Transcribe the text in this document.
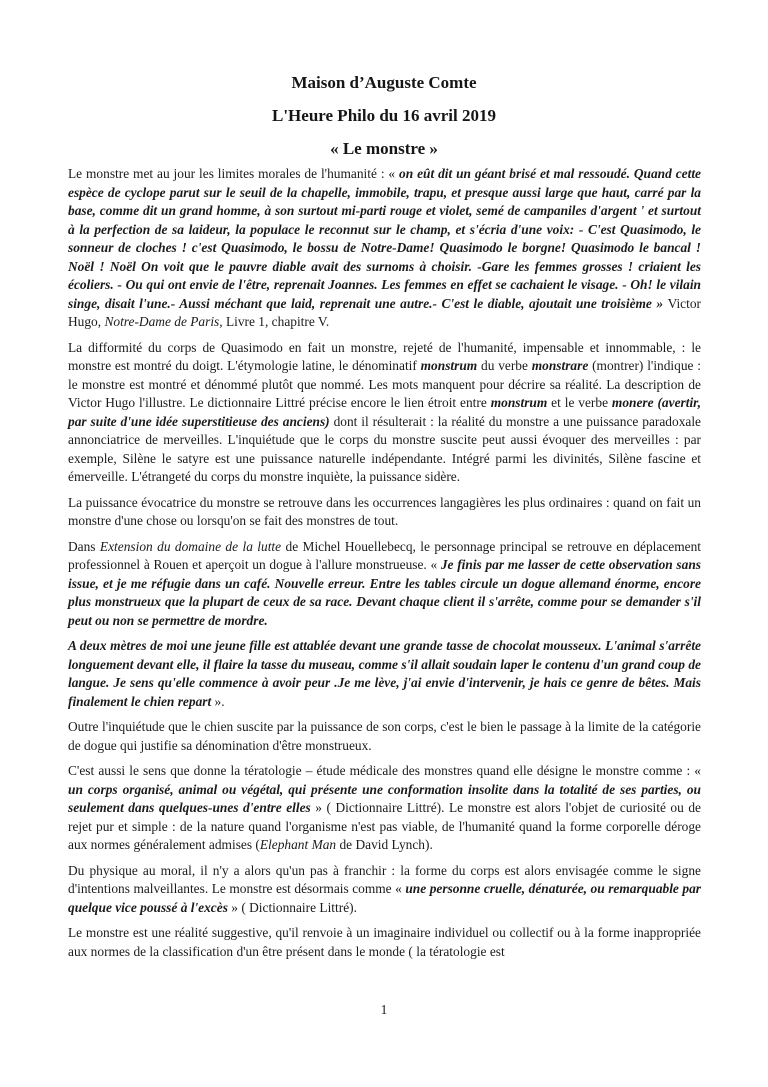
Maison d’Auguste Comte
L'Heure Philo du 16 avril 2019
« Le monstre »

Le monstre met au jour les limites morales de l'humanité : « on eût dit un géant brisé et mal ressoudé. Quand cette espèce de cyclope parut sur le seuil de la chapelle, immobile, trapu, et presque aussi large que haut, carré par la base, comme dit un grand homme, à son surtout mi-parti rouge et violet, semé de campaniles d'argent ' et surtout à la perfection de sa laideur, la populace le reconnut sur le champ, et s'écria d'une voix: - C'est Quasimodo, le sonneur de cloches ! c'est Quasimodo, le bossu de Notre-Dame! Quasimodo le borgne! Quasimodo le bancal ! Noël ! Noël On voit que le pauvre diable avait des surnoms à choisir. -Gare les femmes grosses ! criaient les écoliers. - Ou qui ont envie de l'être, reprenait Joannes. Les femmes en effet se cachaient le visage. - Oh! le vilain singe, disait l'une.- Aussi méchant que laid, reprenait une autre.- C'est le diable, ajoutait une troisième » Victor Hugo, Notre-Dame de Paris, Livre 1, chapitre V.

La difformité du corps de Quasimodo en fait un monstre, rejeté de l'humanité, impensable et innommable, : le monstre est montré du doigt. L'étymologie latine, le dénominatif monstrum du verbe monstrare (montrer) l'indique : le monstre est montré et dénommé plutôt que nommé. Les mots manquent pour décrire sa réalité. La description de Victor Hugo l'illustre. Le dictionnaire Littré précise encore le lien étroit entre monstrum et le verbe monere (avertir, par suite d'une idée superstitieuse des anciens) dont il résulterait : la réalité du monstre a une puissance paradoxale annonciatrice de merveilles. L'inquiétude que le corps du monstre suscite peut aussi évoquer des merveilles : par exemple, Silène le satyre est une puissance naturelle indépendante. Intégré parmi les divinités, Silène fascine et émerveille. L'étrangeté du corps du monstre inquiète, la puissance sidère.

La puissance évocatrice du monstre se retrouve dans les occurrences langagières les plus ordinaires : quand on fait un monstre d'une chose ou lorsqu'on se fait des monstres de tout.

Dans Extension du domaine de la lutte de Michel Houellebecq, le personnage principal se retrouve en déplacement professionnel à Rouen et aperçoit un dogue à l'allure monstrueuse. « Je finis par me lasser de cette observation sans issue, et je me réfugie dans un café. Nouvelle erreur. Entre les tables circule un dogue allemand énorme, encore plus monstrueux que la plupart de ceux de sa race. Devant chaque client il s'arrête, comme pour se demander s'il peut ou non se permettre de mordre.

A deux mètres de moi une jeune fille est attablée devant une grande tasse de chocolat mousseux. L'animal s'arrête longuement devant elle, il flaire la tasse du museau, comme s'il allait soudain laper le contenu d'un grand coup de langue. Je sens qu'elle commence à avoir peur .Je me lève, j'ai envie d'intervenir, je hais ce genre de bêtes. Mais finalement le chien repart ».

Outre l'inquiétude que le chien suscite par la puissance de son corps, c'est le bien le passage à la limite de la catégorie de dogue qui justifie sa dénomination d'être monstrueux.

C'est aussi le sens que donne la tératologie – étude médicale des monstres quand elle désigne le monstre comme : « un corps organisé, animal ou végétal, qui présente une conformation insolite dans la totalité de ses parties, ou seulement dans quelques-unes d'entre elles » ( Dictionnaire Littré). Le monstre est alors l'objet de curiosité ou de rejet pur et simple : de la nature quand l'organisme n'est pas viable, de l'humanité quand la forme corporelle déroge aux normes généralement admises (Elephant Man de David Lynch).

Du physique au moral, il n'y a alors qu'un pas à franchir : la forme du corps est alors envisagée comme le signe d'intentions malveillantes. Le monstre est désormais comme « une personne cruelle, dénaturée, ou remarquable par quelque vice poussé à l'excès » ( Dictionnaire Littré).

Le monstre est une réalité suggestive, qu'il renvoie à un imaginaire individuel ou collectif ou à la forme inappropriée aux normes de la classification d'un être présent dans le monde ( la tératologie est

1
